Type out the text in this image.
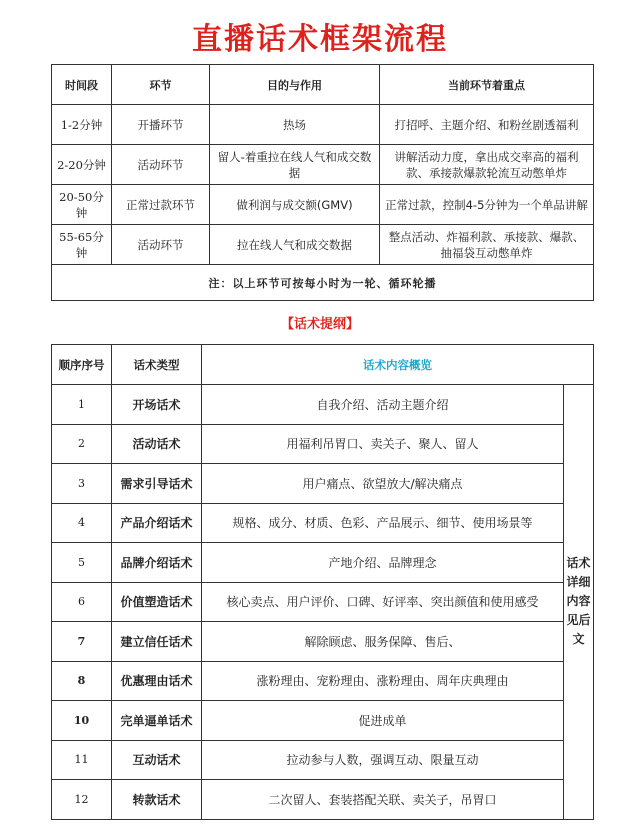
直播话术框架流程
时间段	环节	目的与作用	当前环节着重点
1-2分钟	开播环节	热场	打招呼、主题介绍、和粉丝剧透福利
2-20分钟	活动环节	留人-着重拉在线人气和成交数据	讲解活动力度，拿出成交率高的福利款、承接款爆款轮流互动憋单炸
20-50分钟	正常过款环节	做利润与成交额(GMV)	正常过款，控制4-5分钟为一个单品讲解
55-65分钟	活动环节	拉在线人气和成交数据	整点活动、炸福利款、承接款、爆款、抽福袋互动憋单炸
注：以上环节可按每小时为一轮、循环轮播			
【话术提纲】
顺序序号	话术类型	话术内容概览	
1	开场话术	自我介绍、活动主题介绍	话术详细内容见后文
2	活动话术	用福利吊胃口、卖关子、聚人、留人	
3	需求引导话术	用户痛点、欲望放大/解决痛点	
4	产品介绍话术	规格、成分、材质、色彩、产品展示、细节、使用场景等	
5	品牌介绍话术	产地介绍、品牌理念	
6	价值塑造话术	核心卖点、用户评价、口碑、好评率、突出颜值和使用感受	
7	建立信任话术	解除顾虑、服务保障、售后、	
8	优惠理由话术	涨粉理由、宠粉理由、涨粉理由、周年庆典理由	
10	完单逼单话术	促进成单	
11	互动话术	拉动参与人数，强调互动、限量互动	
12	转款话术	二次留人、套装搭配关联、卖关子，吊胃口	
